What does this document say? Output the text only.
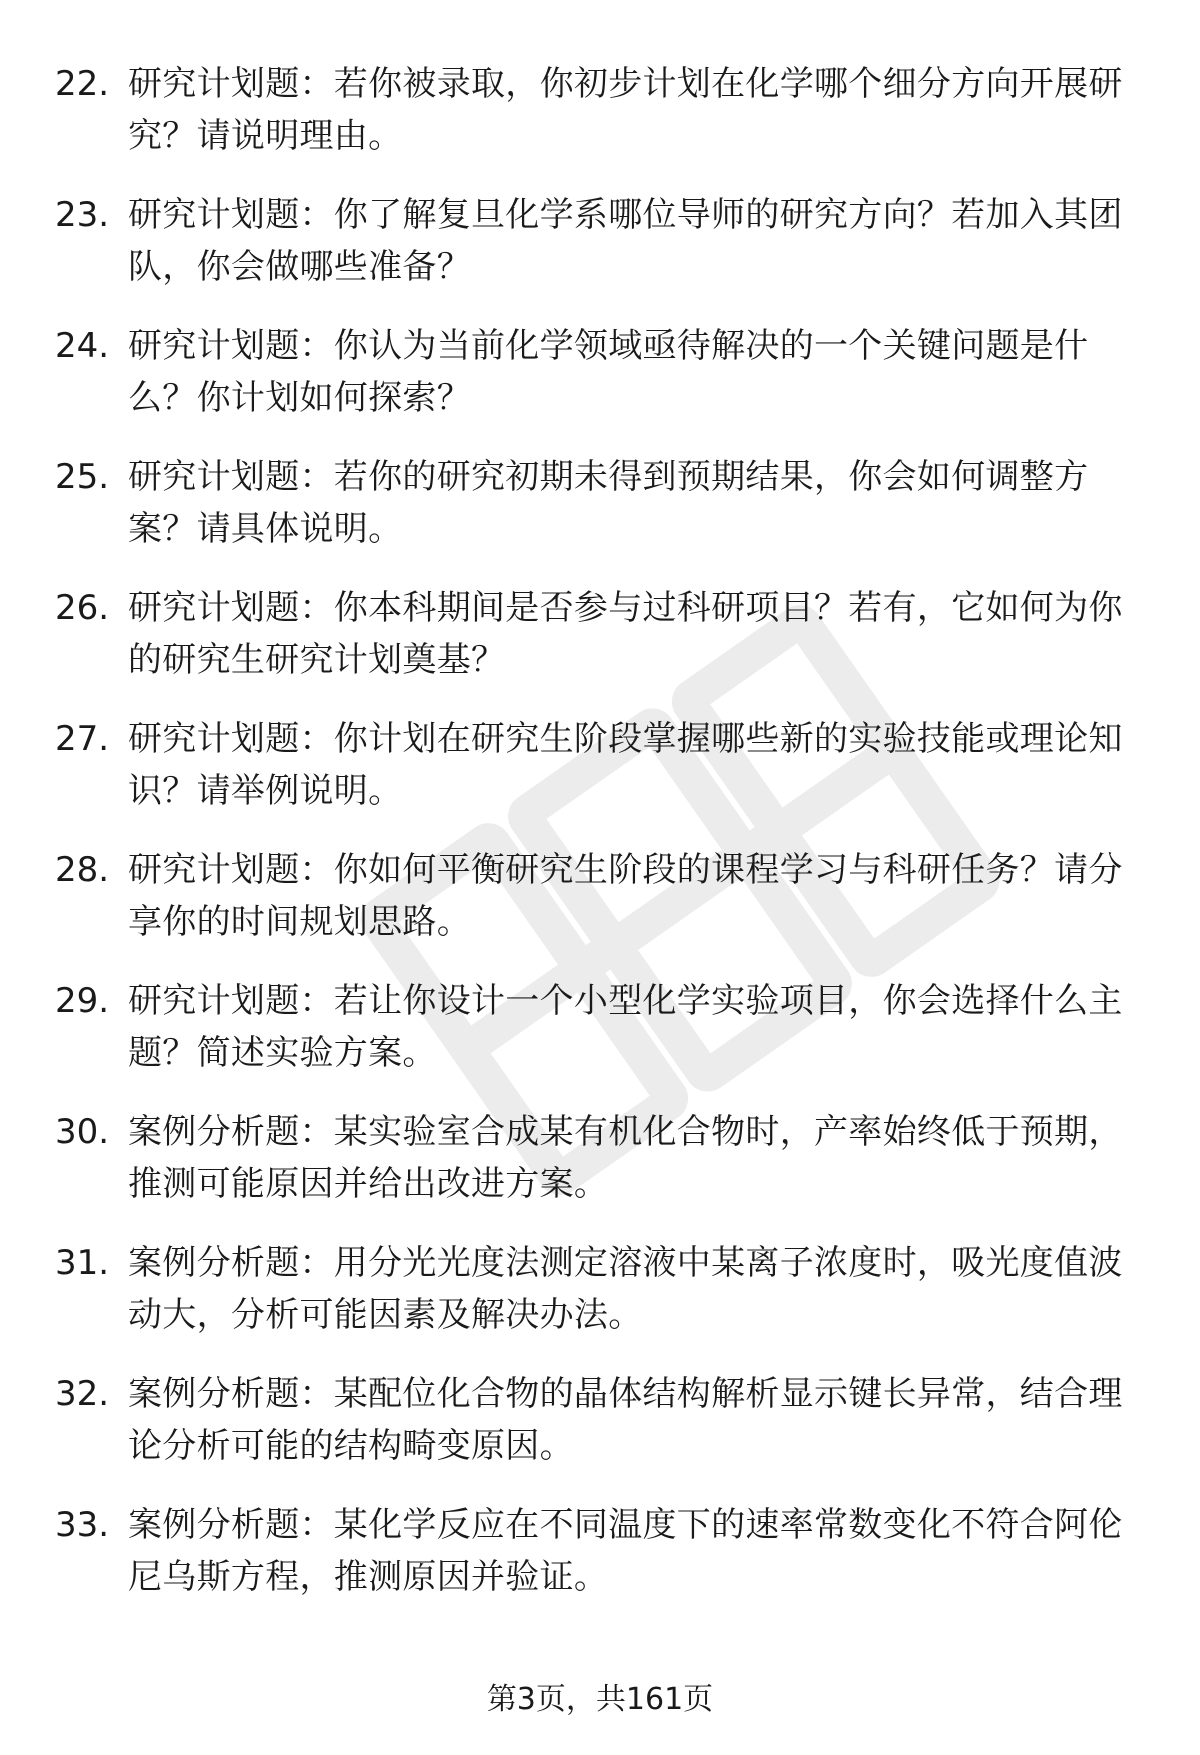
22. 研究计划题：若你被录取，你初步计划在化学哪个细分方向开展研究？请说明理由。
23. 研究计划题：你了解复旦化学系哪位导师的研究方向？若加入其团队，你会做哪些准备？
24. 研究计划题：你认为当前化学领域亟待解决的一个关键问题是什么？你计划如何探索？
25. 研究计划题：若你的研究初期未得到预期结果，你会如何调整方案？请具体说明。
26. 研究计划题：你本科期间是否参与过科研项目？若有，它如何为你的研究生研究计划奠基？
27. 研究计划题：你计划在研究生阶段掌握哪些新的实验技能或理论知识？请举例说明。
28. 研究计划题：你如何平衡研究生阶段的课程学习与科研任务？请分享你的时间规划思路。
29. 研究计划题：若让你设计一个小型化学实验项目，你会选择什么主题？简述实验方案。
30. 案例分析题：某实验室合成某有机化合物时，产率始终低于预期，推测可能原因并给出改进方案。
31. 案例分析题：用分光光度法测定溶液中某离子浓度时，吸光度值波动大，分析可能因素及解决办法。
32. 案例分析题：某配位化合物的晶体结构解析显示键长异常，结合理论分析可能的结构畸变原因。
33. 案例分析题：某化学反应在不同温度下的速率常数变化不符合阿伦尼乌斯方程，推测原因并验证。
第3页，共161页
